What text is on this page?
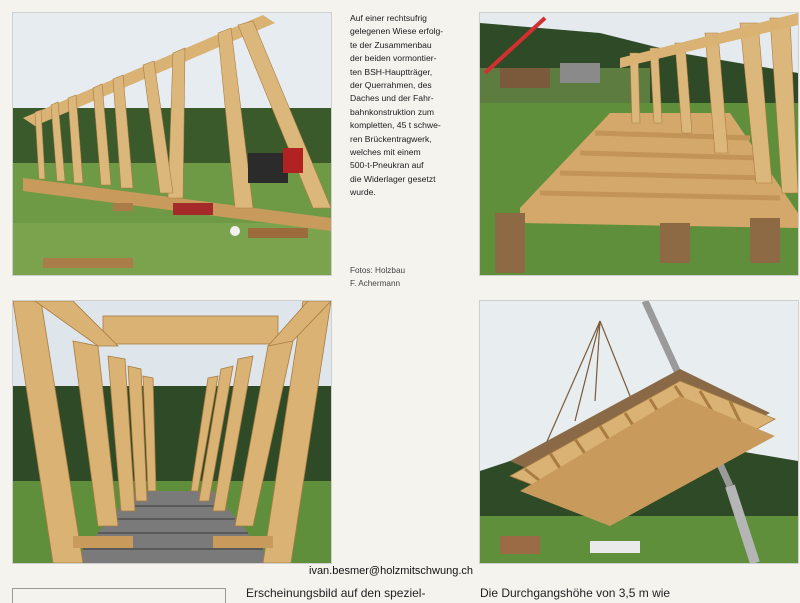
Auf einer rechtsufrig
gelegenen Wiese erfolg-
te der Zusammenbau
der beiden vormontier-
ten BSH-Hauptträger,
der Querrahmen, des
Daches und der Fahr-
bahnkonstruktion zum
kompletten, 45 t schwe-
ren Brückentragwerk,
welches mit einem
500-t-Pneukran auf
die Widerlager gesetzt
wurde.
Fotos: Holzbau
F. Achermann
ivan.besmer@holzmitschwung.ch
Erscheinungsbild auf den speziel-	Die Durchgangshöhe von 3,5 m wie
